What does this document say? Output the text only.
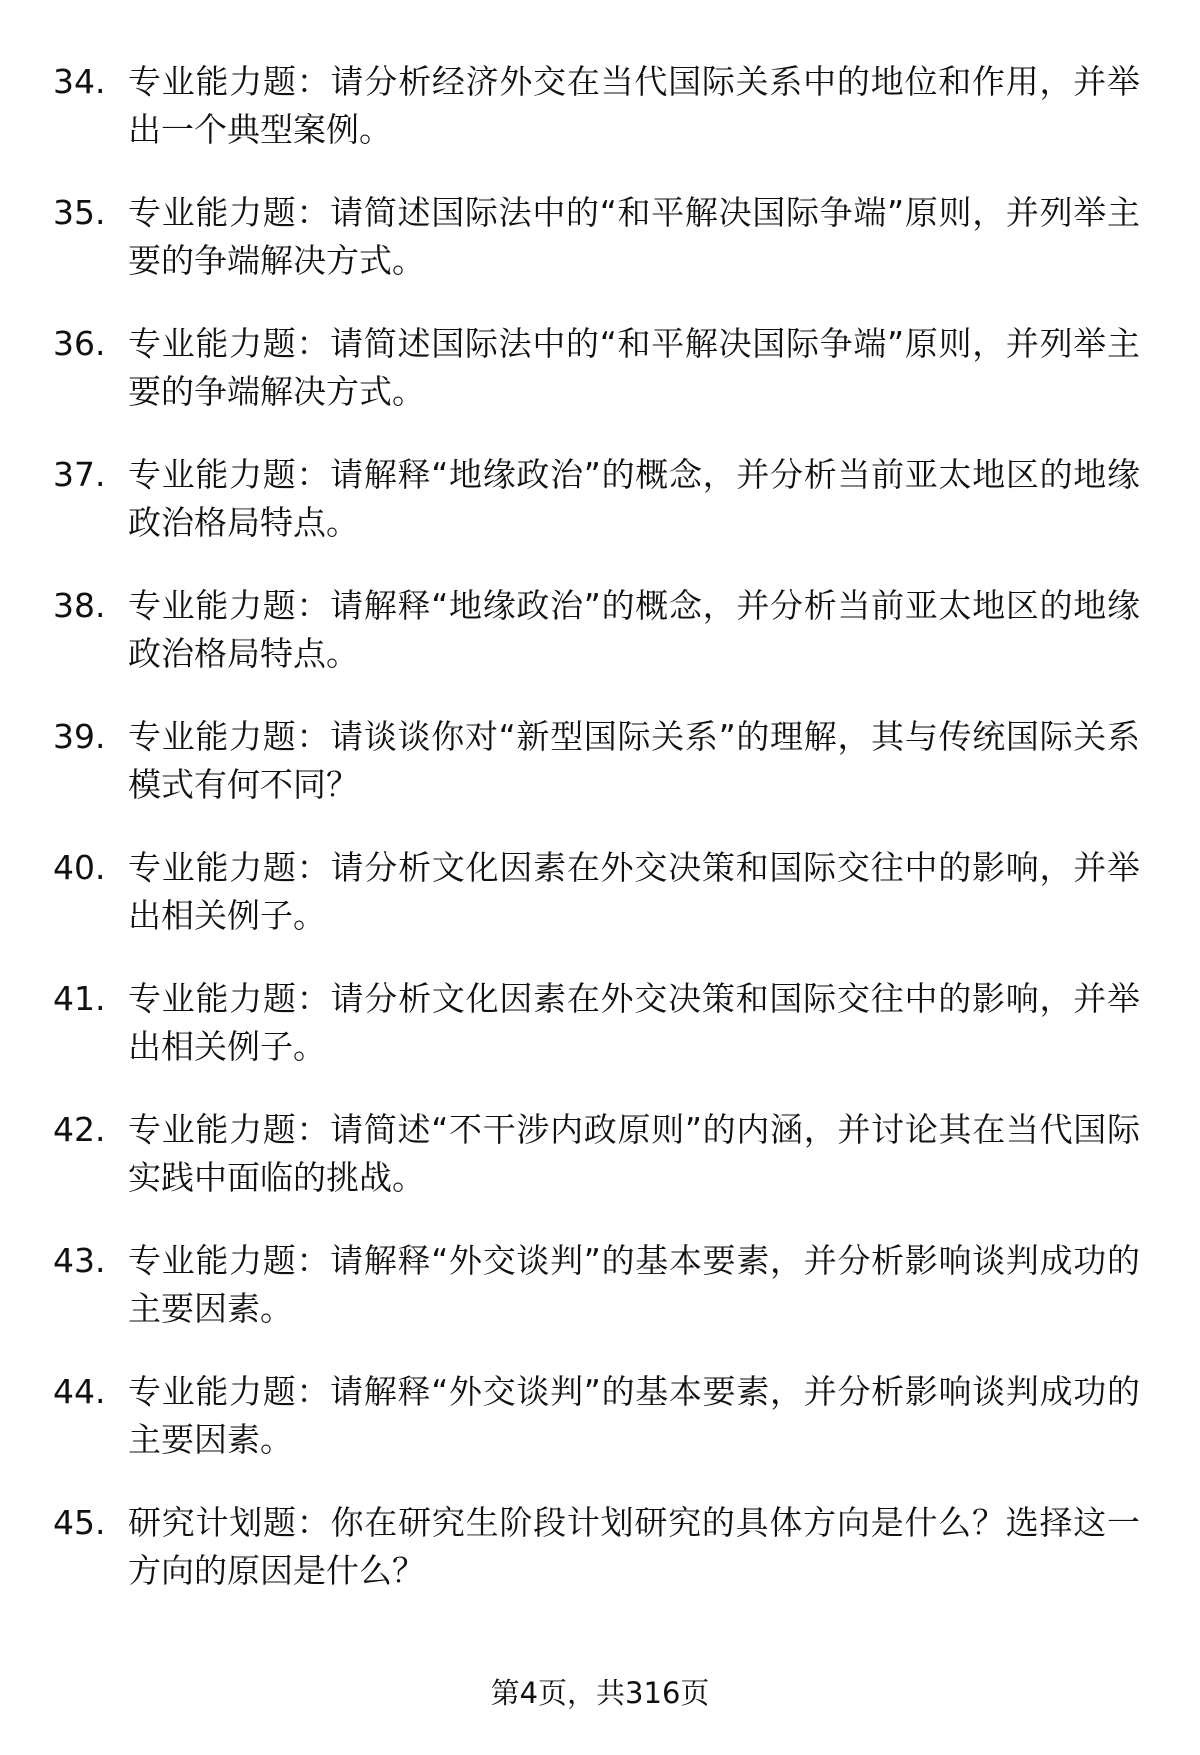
34. 专业能力题：请分析经济外交在当代国际关系中的地位和作用，并举出一个典型案例。
35. 专业能力题：请简述国际法中的“和平解决国际争端”原则，并列举主要的争端解决方式。
36. 专业能力题：请简述国际法中的“和平解决国际争端”原则，并列举主要的争端解决方式。
37. 专业能力题：请解释“地缘政治”的概念，并分析当前亚太地区的地缘政治格局特点。
38. 专业能力题：请解释“地缘政治”的概念，并分析当前亚太地区的地缘政治格局特点。
39. 专业能力题：请谈谈你对“新型国际关系”的理解，其与传统国际关系模式有何不同？
40. 专业能力题：请分析文化因素在外交决策和国际交往中的影响，并举出相关例子。
41. 专业能力题：请分析文化因素在外交决策和国际交往中的影响，并举出相关例子。
42. 专业能力题：请简述“不干涉内政原则”的内涵，并讨论其在当代国际实践中面临的挑战。
43. 专业能力题：请解释“外交谈判”的基本要素，并分析影响谈判成功的主要因素。
44. 专业能力题：请解释“外交谈判”的基本要素，并分析影响谈判成功的主要因素。
45. 研究计划题：你在研究生阶段计划研究的具体方向是什么？选择这一方向的原因是什么？
第4页，共316页
